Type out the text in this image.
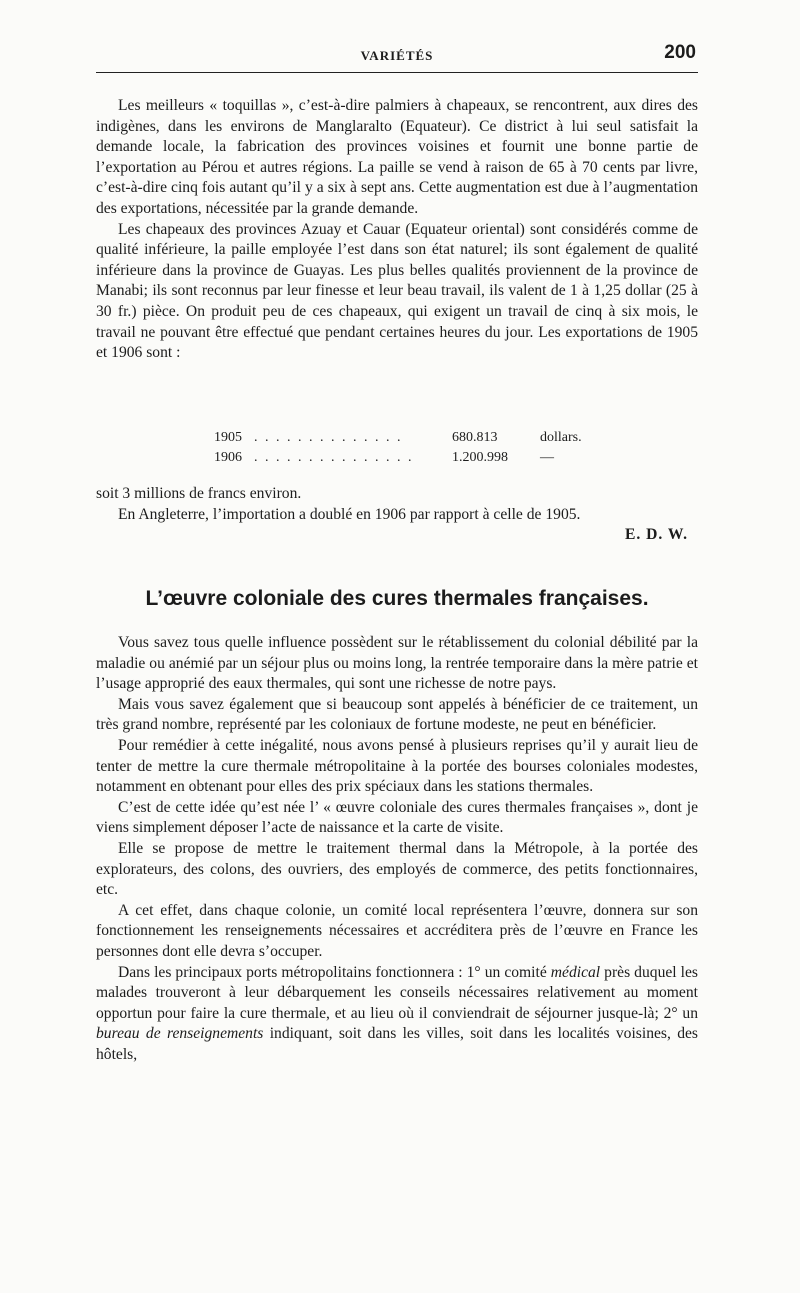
VARIÉTÉS	200

Les meilleurs « toquillas », c’est-à-dire palmiers à chapeaux, se rencontrent, aux dires des indigènes, dans les environs de Manglaralto (Equateur). Ce district à lui seul satisfait la demande locale, la fabrication des provinces voisines et fournit une bonne partie de l’exportation au Pérou et autres régions. La paille se vend à raison de 65 à 70 cents par livre, c’est-à-dire cinq fois autant qu’il y a six à sept ans. Cette augmentation est due à l’augmentation des exportations, nécessitée par la grande demande.

Les chapeaux des provinces Azuay et Cauar (Equateur oriental) sont considérés comme de qualité inférieure, la paille employée l’est dans son état naturel; ils sont également de qualité inférieure dans la province de Guayas. Les plus belles qualités proviennent de la province de Manabi; ils sont reconnus par leur finesse et leur beau travail, ils valent de 1 à 1,25 dollar (25 à 30 fr.) pièce. On produit peu de ces chapeaux, qui exigent un travail de cinq à six mois, le travail ne pouvant être effectué que pendant certaines heures du jour. Les exportations de 1905 et 1906 sont :

1905 . . . . . . . . . . . . . .	680.813	dollars.
1906 . . . . . . . . . . . . . . .	1.200.998	—

soit 3 millions de francs environ.

En Angleterre, l’importation a doublé en 1906 par rapport à celle de 1905.

E. D. W.
L’œuvre coloniale des cures thermales françaises.

Vous savez tous quelle influence possèdent sur le rétablissement du colonial débilité par la maladie ou anémié par un séjour plus ou moins long, la rentrée temporaire dans la mère patrie et l’usage approprié des eaux thermales, qui sont une richesse de notre pays.

Mais vous savez également que si beaucoup sont appelés à bénéficier de ce traitement, un très grand nombre, représenté par les coloniaux de fortune modeste, ne peut en bénéficier.

Pour remédier à cette inégalité, nous avons pensé à plusieurs reprises qu’il y aurait lieu de tenter de mettre la cure thermale métropolitaine à la portée des bourses coloniales modestes, notamment en obtenant pour elles des prix spéciaux dans les stations thermales.

C’est de cette idée qu’est née l’ « œuvre coloniale des cures thermales françaises », dont je viens simplement déposer l’acte de naissance et la carte de visite.

Elle se propose de mettre le traitement thermal dans la Métropole, à la portée des explorateurs, des colons, des ouvriers, des employés de commerce, des petits fonctionnaires, etc.

A cet effet, dans chaque colonie, un comité local représentera l’œuvre, donnera sur son fonctionnement les renseignements nécessaires et accréditera près de l’œuvre en France les personnes dont elle devra s’occuper.

Dans les principaux ports métropolitains fonctionnera : 1° un comité médical près duquel les malades trouveront à leur débarquement les conseils nécessaires relativement au moment opportun pour faire la cure thermale, et au lieu où il conviendrait de séjourner jusque-là; 2° un bureau de renseignements indiquant, soit dans les villes, soit dans les localités voisines, des hôtels,
